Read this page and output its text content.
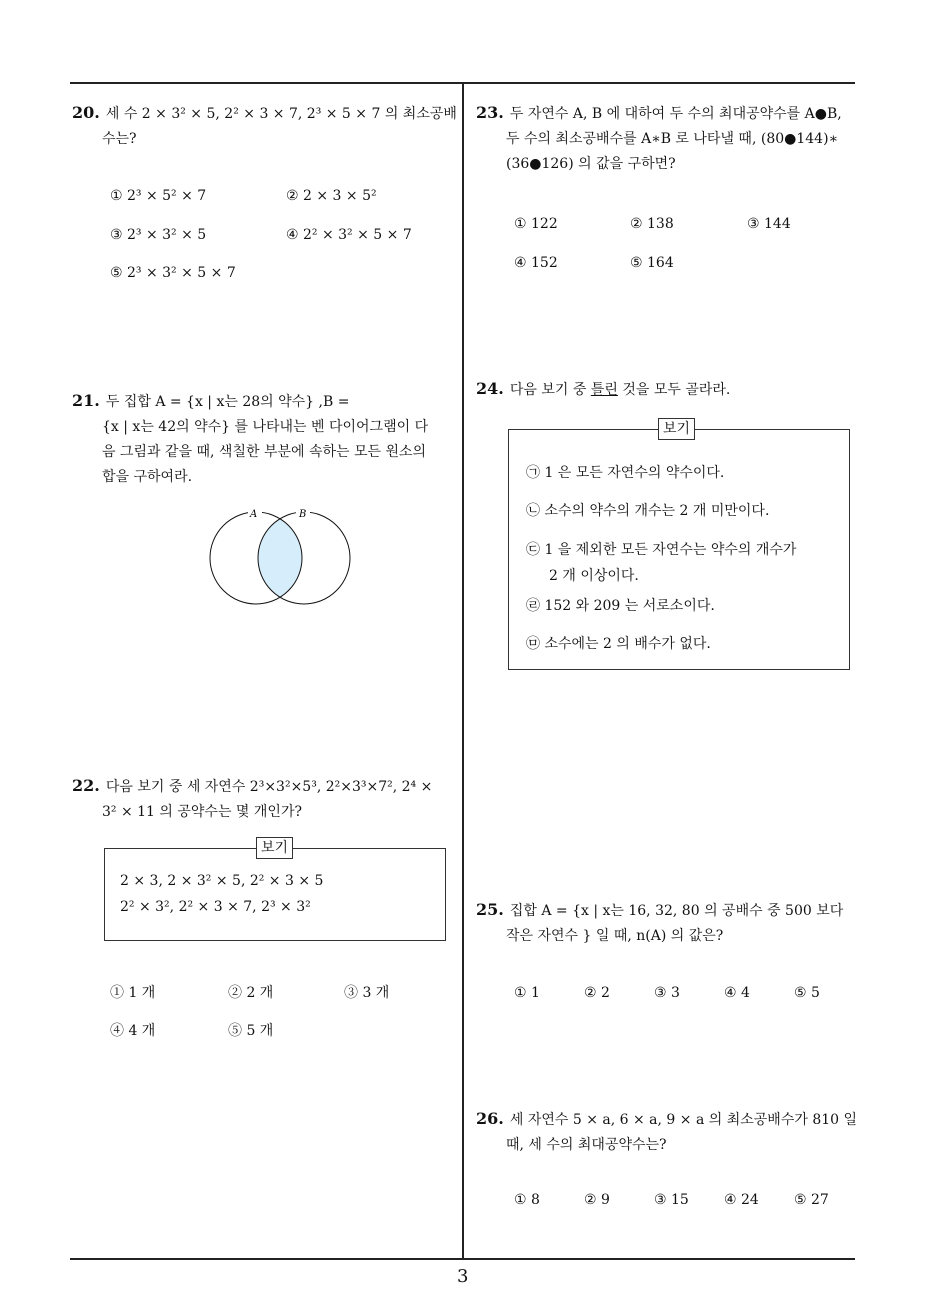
20. 세 수 2 × 3² × 5, 2² × 3 × 7, 2³ × 5 × 7 의 최소공배
수는?
① 2³ × 5² × 7	② 2 × 3 × 5²
③ 2³ × 3² × 5	④ 2² × 3² × 5 × 7
⑤ 2³ × 3² × 5 × 7
21. 두 집합 A = {x | x는 28의 약수} ,B =
{x | x는 42의 약수} 를 나타내는 벤 다이어그램이 다
음 그림과 같을 때, 색칠한 부분에 속하는 모든 원소의
합을 구하여라.
A	B
22. 다음 보기 중 세 자연수 2³×3²×5³, 2²×3³×7², 2⁴ ×
3² × 11 의 공약수는 몇 개인가?
보기
2 × 3, 2 × 3² × 5, 2² × 3 × 5
2² × 3², 2² × 3 × 7, 2³ × 3²
① 1 개	② 2 개	③ 3 개
④ 4 개	⑤ 5 개
23. 두 자연수 A, B 에 대하여 두 수의 최대공약수를 A●B,
두 수의 최소공배수를 A∗B 로 나타낼 때, (80●144)∗
(36●126) 의 값을 구하면?
① 122	② 138	③ 144
④ 152	⑤ 164
24. 다음 보기 중 틀린 것을 모두 골라라.
보기
㉠ 1 은 모든 자연수의 약수이다.
㉡ 소수의 약수의 개수는 2 개 미만이다.
㉢ 1 을 제외한 모든 자연수는 약수의 개수가
2 개 이상이다.
㉣ 152 와 209 는 서로소이다.
㉤ 소수에는 2 의 배수가 없다.
25. 집합 A = {x | x는 16, 32, 80 의 공배수 중 500 보다
작은 자연수 } 일 때, n(A) 의 값은?
① 1	② 2	③ 3	④ 4	⑤ 5
26. 세 자연수 5 × a, 6 × a, 9 × a 의 최소공배수가 810 일
때, 세 수의 최대공약수는?
① 8	② 9	③ 15	④ 24	⑤ 27
3
